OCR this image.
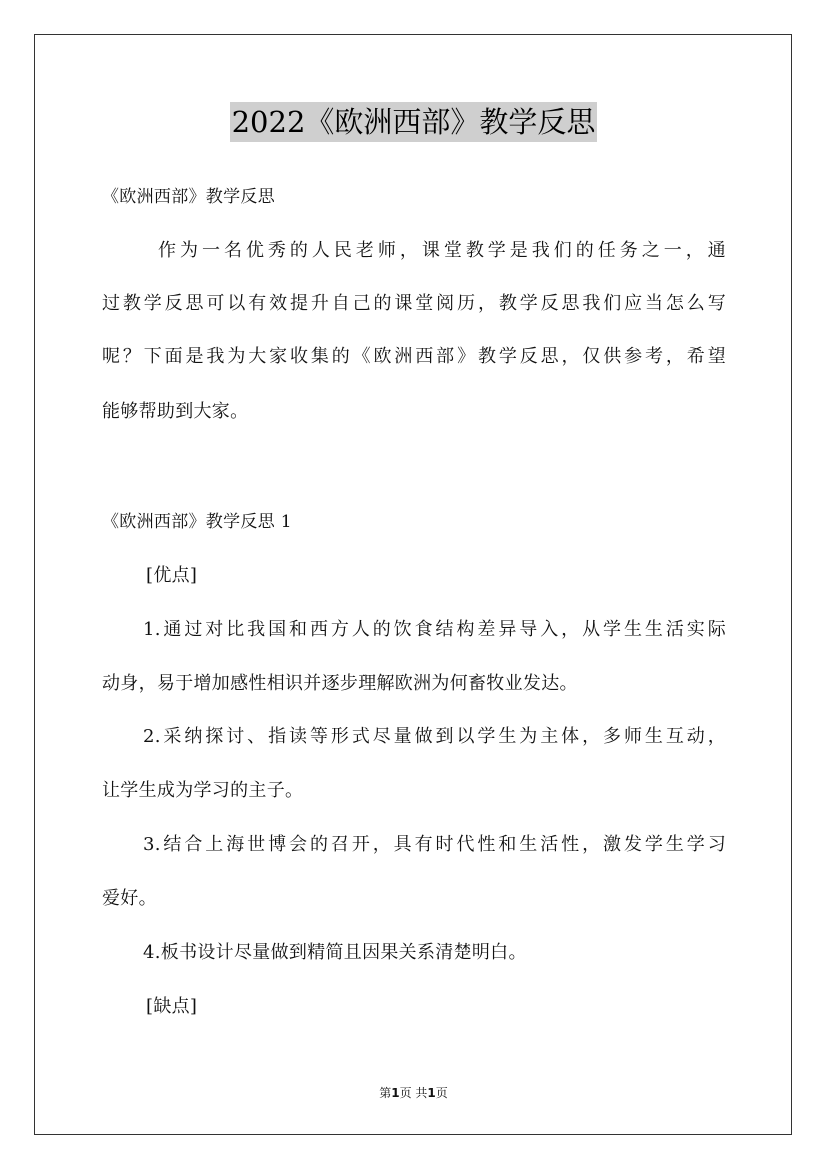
2022《欧洲西部》教学反思
《欧洲西部》教学反思
作为一名优秀的人民老师，课堂教学是我们的任务之一，通
过教学反思可以有效提升自己的课堂阅历，教学反思我们应当怎么写
呢？下面是我为大家收集的《欧洲西部》教学反思，仅供参考，希望
能够帮助到大家。
《欧洲西部》教学反思 1
[优点]
1.通过对比我国和西方人的饮食结构差异导入，从学生生活实际
动身，易于增加感性相识并逐步理解欧洲为何畜牧业发达。
2.采纳探讨、指读等形式尽量做到以学生为主体，多师生互动，
让学生成为学习的主子。
3.结合上海世博会的召开，具有时代性和生活性，激发学生学习
爱好。
4.板书设计尽量做到精简且因果关系清楚明白。
[缺点]
第1页 共1页
